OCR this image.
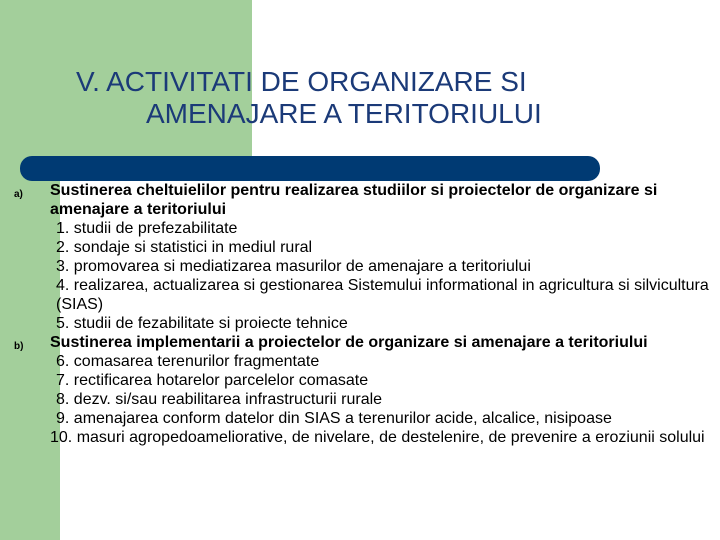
V. ACTIVITATI DE ORGANIZARE SI
AMENAJARE A TERITORIULUI
a) Sustinerea cheltuielilor pentru realizarea studiilor si proiectelor de organizare si amenajare a teritoriului
1. studii de prefezabilitate
2. sondaje si statistici in mediul rural
3. promovarea si mediatizarea masurilor de amenajare a teritoriului
4. realizarea, actualizarea si gestionarea Sistemului informational in agricultura si silvicultura (SIAS)
5. studii de fezabilitate si proiecte tehnice
b) Sustinerea implementarii a proiectelor de organizare si amenajare a teritoriului
6. comasarea terenurilor fragmentate
7. rectificarea hotarelor parcelelor comasate
8. dezv. si/sau reabilitarea infrastructurii rurale
9. amenajarea conform datelor din SIAS a terenurilor acide, alcalice, nisipoase
10. masuri agropedoameliorative, de nivelare, de destelenire, de prevenire a eroziunii solului
